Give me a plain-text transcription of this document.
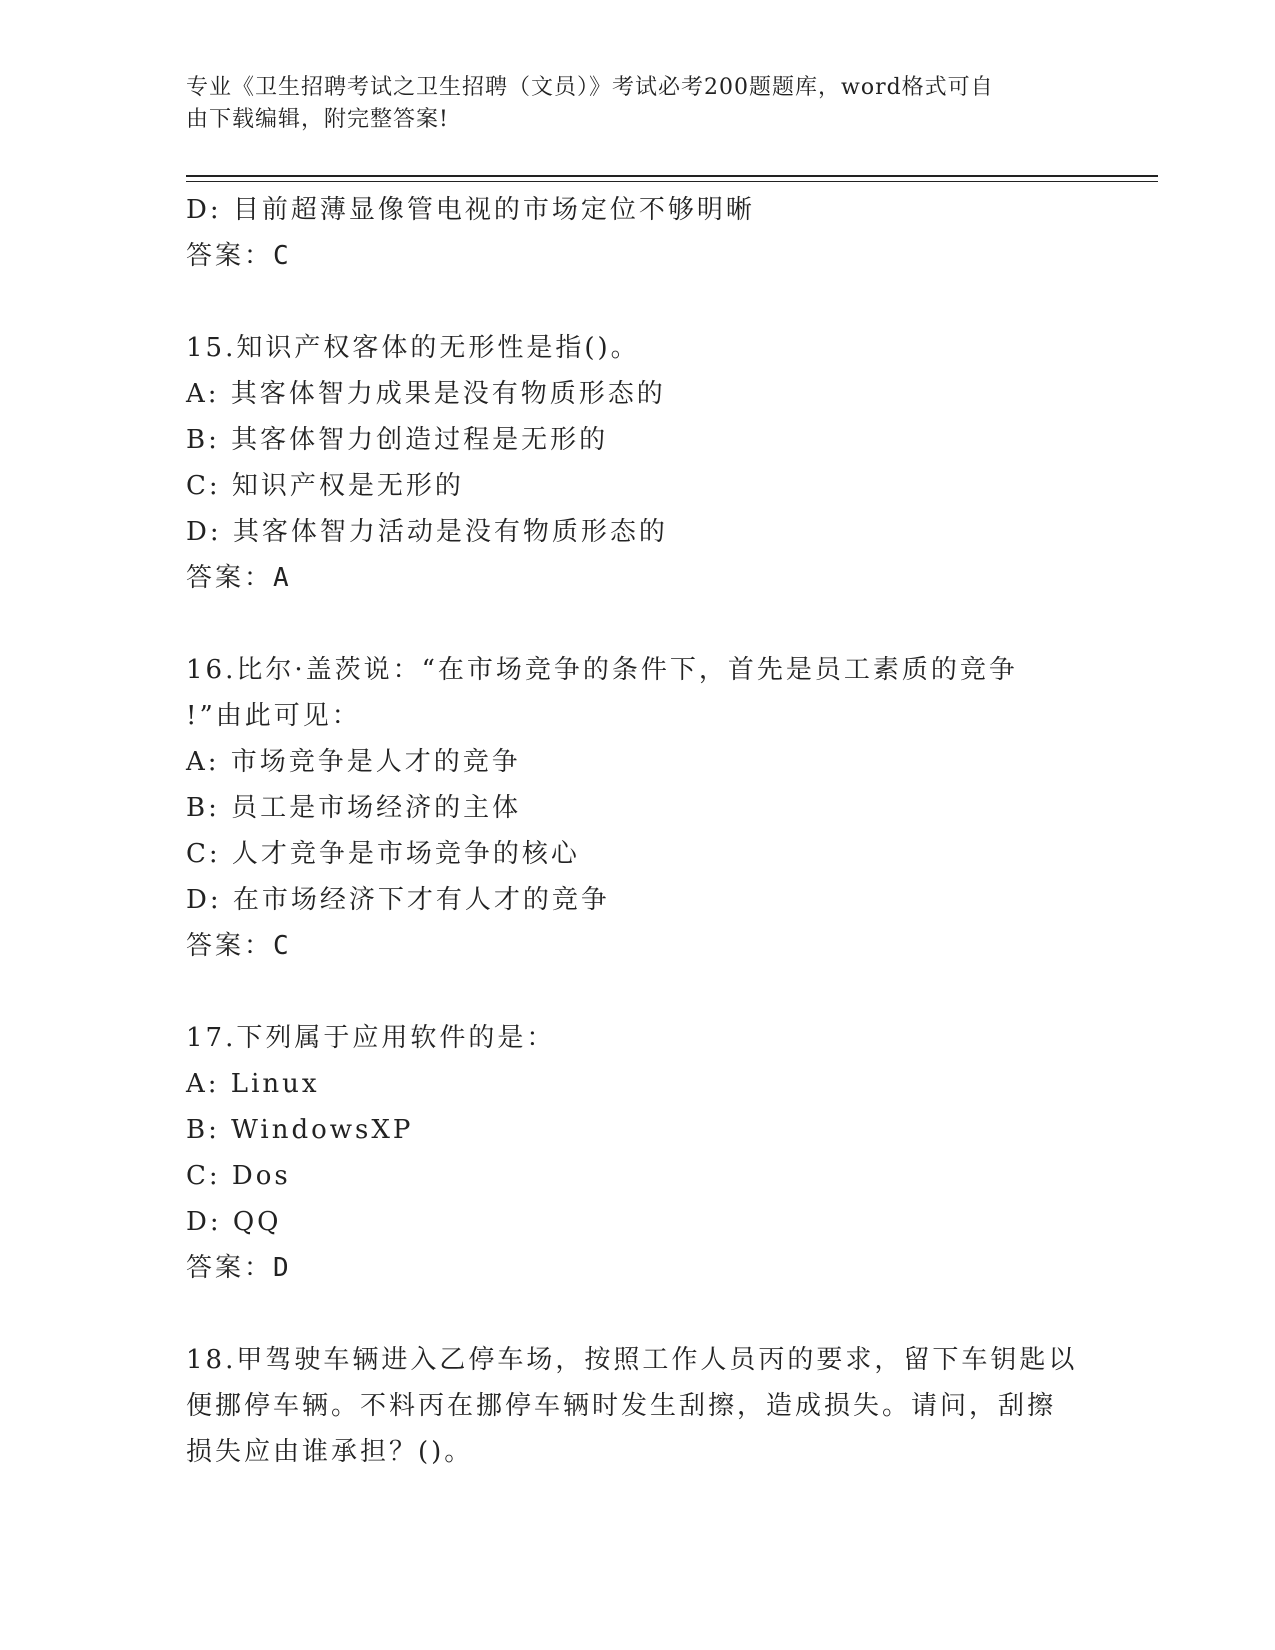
专业《卫生招聘考试之卫生招聘（文员）》考试必考200题题库，word格式可自
由下载编辑，附完整答案!
D: 目前超薄显像管电视的市场定位不够明晰
答案：C
15.知识产权客体的无形性是指()。
A: 其客体智力成果是没有物质形态的
B: 其客体智力创造过程是无形的
C: 知识产权是无形的
D: 其客体智力活动是没有物质形态的
答案：A
16.比尔·盖茨说：“在市场竞争的条件下，首先是员工素质的竞争
!”由此可见：
A: 市场竞争是人才的竞争
B: 员工是市场经济的主体
C: 人才竞争是市场竞争的核心
D: 在市场经济下才有人才的竞争
答案：C
17.下列属于应用软件的是：
A: Linux
B: WindowsXP
C: Dos
D: QQ
答案：D
18.甲驾驶车辆进入乙停车场，按照工作人员丙的要求，留下车钥匙以
便挪停车辆。不料丙在挪停车辆时发生刮擦，造成损失。请问，刮擦
损失应由谁承担？()。
